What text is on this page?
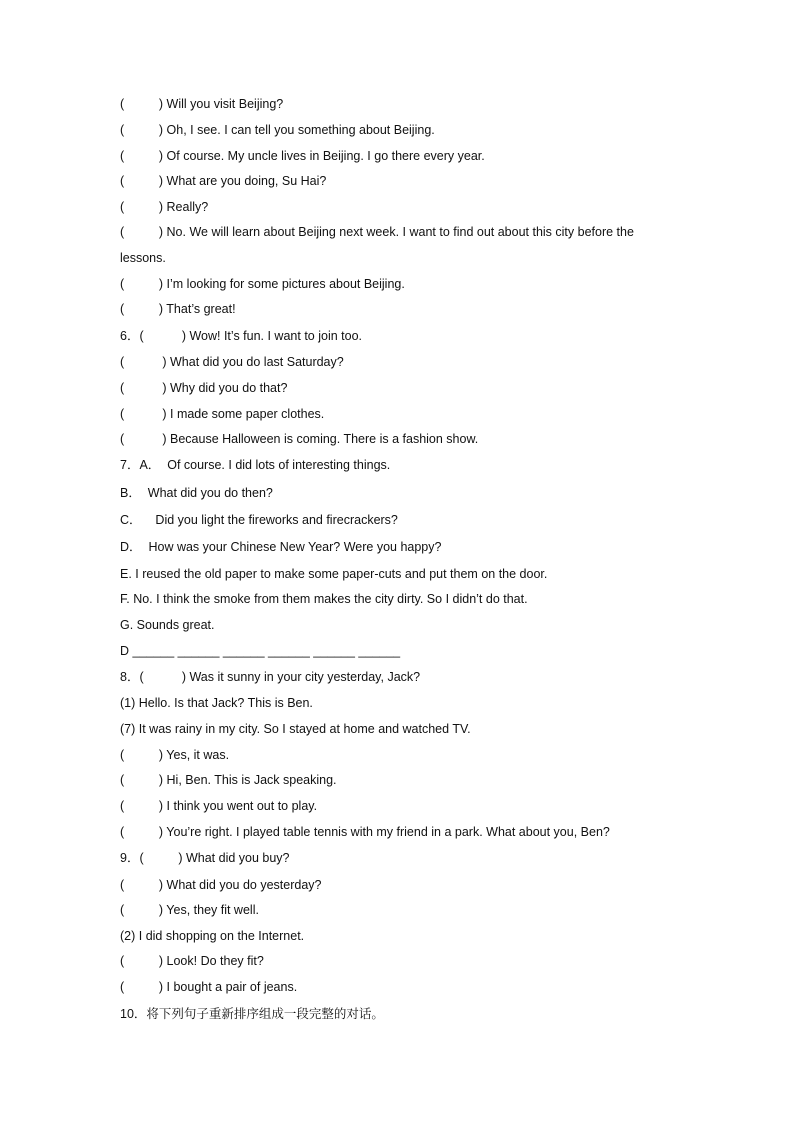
(          ) Will you visit Beijing?
(          ) Oh, I see. I can tell you something about Beijing.
(          ) Of course. My uncle lives in Beijing. I go there every year.
(          ) What are you doing, Su Hai?
(          ) Really?
(          ) No. We will learn about Beijing next week. I want to find out about this city before the
lessons.
(          ) I’m looking for some pictures about Beijing.
(          ) That’s great!
6．(           ) Wow! It’s fun. I want to join too.
(           ) What did you do last Saturday?
(           ) Why did you do that?
(           ) I made some paper clothes.
(           ) Because Halloween is coming. There is a fashion show.
7．A．  Of course. I did lots of interesting things.
B．  What did you do then?
C．    Did you light the fireworks and firecrackers?
D．  How was your Chinese New Year? Were you happy?
E. I reused the old paper to make some paper-cuts and put them on the door.
F. No. I think the smoke from them makes the city dirty. So I didn’t do that.
G. Sounds great.
D ______ ______ ______ ______ ______ ______
8．(           ) Was it sunny in your city yesterday, Jack?
(1) Hello. Is that Jack? This is Ben.
(7) It was rainy in my city. So I stayed at home and watched TV.
(          ) Yes, it was.
(          ) Hi, Ben. This is Jack speaking.
(          ) I think you went out to play.
(          ) You’re right. I played table tennis with my friend in a park. What about you, Ben?
9．(          ) What did you buy?
(          ) What did you do yesterday?
(          ) Yes, they fit well.
(2) I did shopping on the Internet.
(          ) Look! Do they fit?
(          ) I bought a pair of jeans.
10．将下列句子重新排序组成一段完整的对话。
